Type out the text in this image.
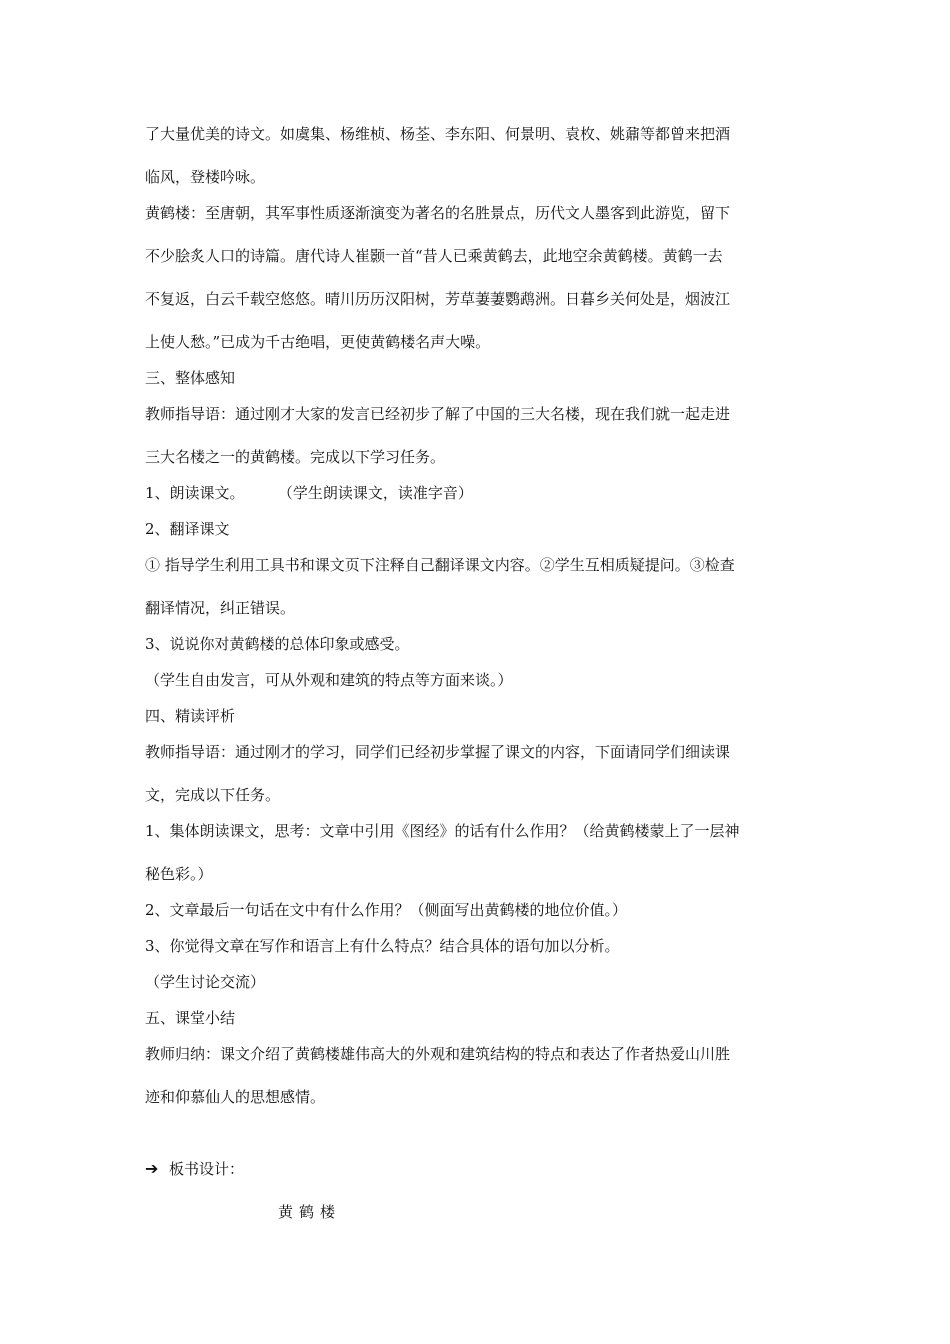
了大量优美的诗文。如虞集、杨维桢、杨荃、李东阳、何景明、袁枚、姚鼐等都曾来把酒
临风，登楼吟咏。
黄鹤楼：至唐朝，其军事性质逐渐演变为著名的名胜景点，历代文人墨客到此游览，留下
不少脍炙人口的诗篇。唐代诗人崔颢一首“昔人已乘黄鹤去，此地空余黄鹤楼。黄鹤一去
不复返，白云千载空悠悠。晴川历历汉阳树，芳草萋萋鹦鹉洲。日暮乡关何处是，烟波江
上使人愁。”已成为千古绝唱，更使黄鹤楼名声大噪。
三、整体感知
教师指导语：通过刚才大家的发言已经初步了解了中国的三大名楼，现在我们就一起走进
三大名楼之一的黄鹤楼。完成以下学习任务。
1、朗读课文。       （学生朗读课文，读准字音）
2、翻译课文
① 指导学生利用工具书和课文页下注释自己翻译课文内容。②学生互相质疑提问。③检查
翻译情况，纠正错误。
3、说说你对黄鹤楼的总体印象或感受。
（学生自由发言，可从外观和建筑的特点等方面来谈。）
四、精读评析
教师指导语：通过刚才的学习，同学们已经初步掌握了课文的内容，下面请同学们细读课
文，完成以下任务。
1、集体朗读课文，思考：文章中引用《图经》的话有什么作用？（给黄鹤楼蒙上了一层神
秘色彩。）
2、文章最后一句话在文中有什么作用？（侧面写出黄鹤楼的地位价值。）
3、你觉得文章在写作和语言上有什么特点？结合具体的语句加以分析。
（学生讨论交流）
五、课堂小结
教师归纳：课文介绍了黄鹤楼雄伟高大的外观和建筑结构的特点和表达了作者热爱山川胜
迹和仰慕仙人的思想感情。
➔ 板书设计：
黄鹤楼
